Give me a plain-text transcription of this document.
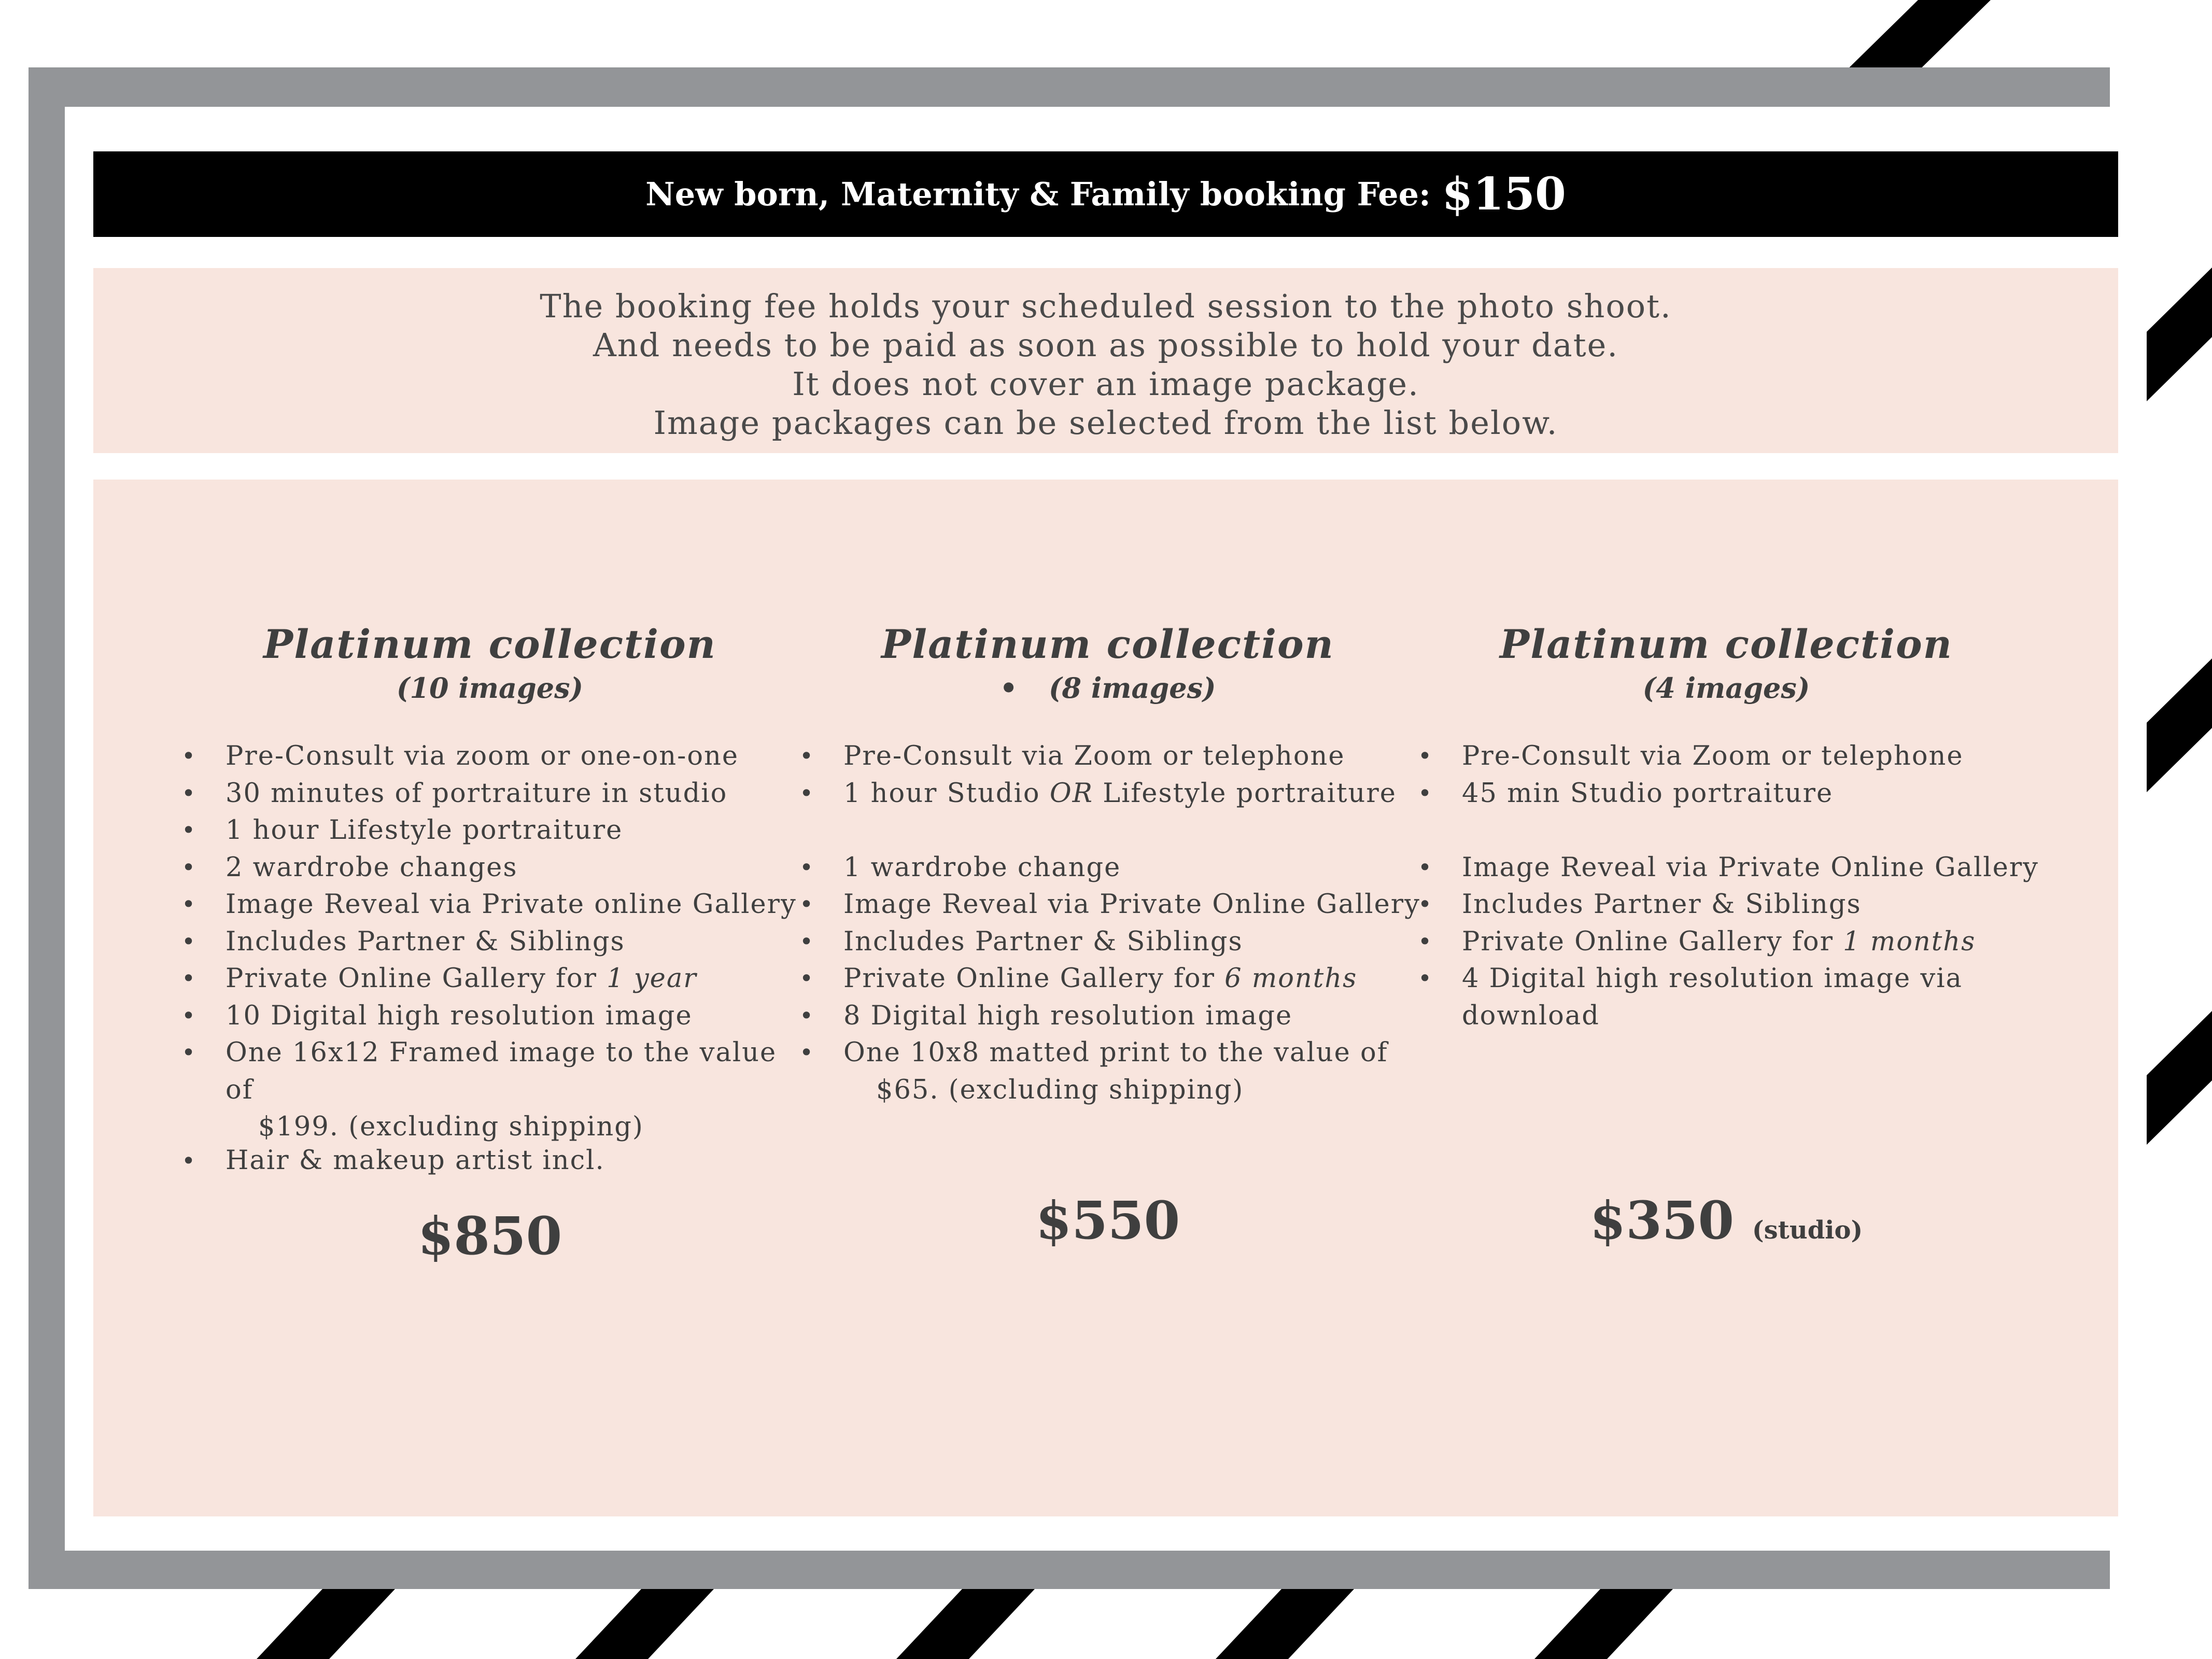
New born, Maternity & Family booking Fee:
$150
The booking fee holds your scheduled session to the photo shoot.
And needs to be paid as soon as possible to hold your date.
It does not cover an image package.
Image packages can be selected from the list below.
Platinum collection
(10 images)
• Pre-Consult via zoom or one-on-one
• 30 minutes of portraiture in studio
• 1 hour Lifestyle portraiture
• 2 wardrobe changes
• Image Reveal via Private online Gallery
• Includes Partner & Siblings
• Private Online Gallery for 1 year
• 10 Digital high resolution image
• One 16x12 Framed image to the value of
$199. (excluding shipping)
• Hair & makeup artist incl.
Platinum collection
• (8 images)
• Pre-Consult via Zoom or telephone
• 1 hour Studio OR Lifestyle portraiture

• 1 wardrobe change
• Image Reveal via Private Online Gallery
• Includes Partner & Siblings
• Private Online Gallery for 6 months
• 8 Digital high resolution image
• One 10x8 matted print to the value of
$65. (excluding shipping)
Platinum collection
(4 images)
• Pre-Consult via Zoom or telephone
• 45 min Studio portraiture

• Image Reveal via Private Online Gallery
• Includes Partner & Siblings
• Private Online Gallery for 1 months
• 4 Digital high resolution image via
download
$850	$550	$350 (studio)
